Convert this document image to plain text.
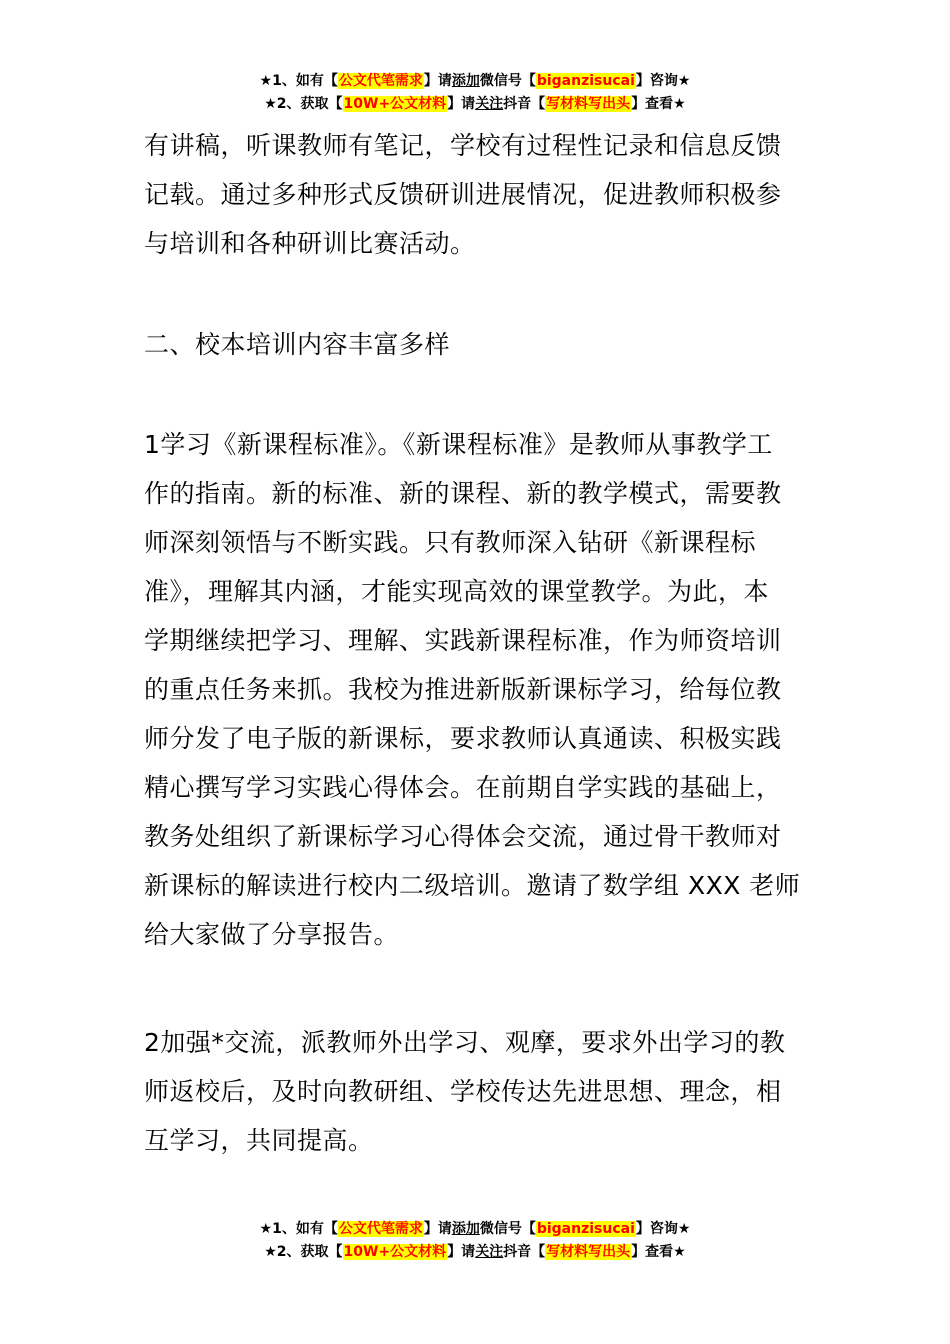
★1、如有【公文代笔需求】请添加微信号【biganzisucai】咨询★
★2、获取【10W+公文材料】请关注抖音【写材料写出头】查看★
有讲稿，听课教师有笔记，学校有过程性记录和信息反馈
记载。通过多种形式反馈研训进展情况，促进教师积极参
与培训和各种研训比赛活动。
二、校本培训内容丰富多样
1学习《新课程标准》。《新课程标准》是教师从事教学工
作的指南。新的标准、新的课程、新的教学模式，需要教
师深刻领悟与不断实践。只有教师深入钻研《新课程标
准》，理解其内涵，才能实现高效的课堂教学。为此，本
学期继续把学习、理解、实践新课程标准，作为师资培训
的重点任务来抓。我校为推进新版新课标学习，给每位教
师分发了电子版的新课标，要求教师认真通读、积极实践
精心撰写学习实践心得体会。在前期自学实践的基础上，
教务处组织了新课标学习心得体会交流，通过骨干教师对
新课标的解读进行校内二级培训。邀请了数学组 XXX 老师
给大家做了分享报告。
2加强*交流，派教师外出学习、观摩，要求外出学习的教
师返校后，及时向教研组、学校传达先进思想、理念，相
互学习，共同提高。
★1、如有【公文代笔需求】请添加微信号【biganzisucai】咨询★
★2、获取【10W+公文材料】请关注抖音【写材料写出头】查看★
